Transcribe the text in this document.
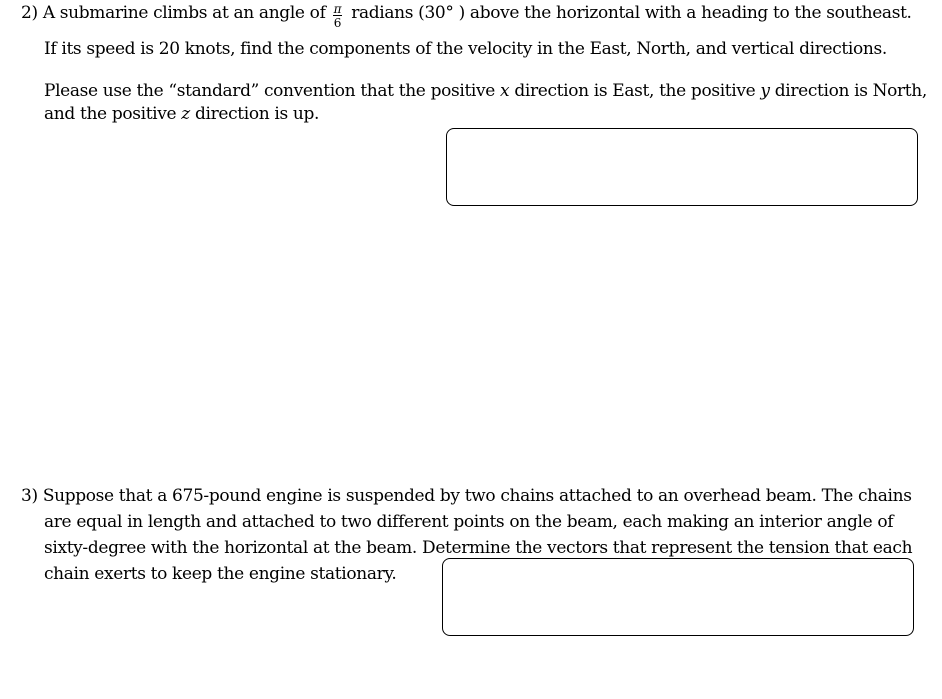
2) A submarine climbs at an angle of $\frac{\pi}{6}$ radians (30° ) above the horizontal with a heading to the southeast.
If its speed is 20 knots, find the components of the velocity in the East, North, and vertical directions.
Please use the “standard” convention that the positive x direction is East, the positive y direction is North,
and the positive z direction is up.
3) Suppose that a 675-pound engine is suspended by two chains attached to an overhead beam. The chains
are equal in length and attached to two different points on the beam, each making an interior angle of
sixty-degree with the horizontal at the beam. Determine the vectors that represent the tension that each
chain exerts to keep the engine stationary.
